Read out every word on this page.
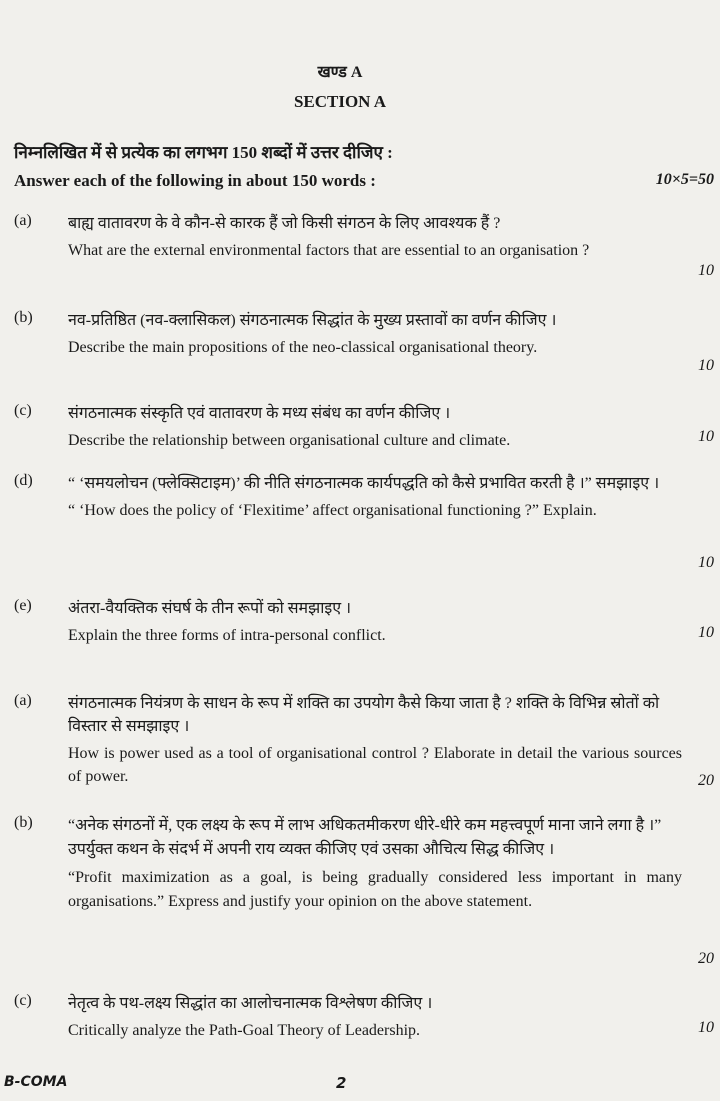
खण्ड A
SECTION A
निम्नलिखित में से प्रत्येक का लगभग 150 शब्दों में उत्तर दीजिए :
Answer each of the following in about 150 words :	10×5=50
(a) बाह्य वातावरण के वे कौन-से कारक हैं जो किसी संगठन के लिए आवश्यक हैं ?
What are the external environmental factors that are essential to an organisation ?
10
(b) नव-प्रतिष्ठित (नव-क्लासिकल) संगठनात्मक सिद्धांत के मुख्य प्रस्तावों का वर्णन कीजिए ।
Describe the main propositions of the neo-classical organisational theory.
10
(c) संगठनात्मक संस्कृति एवं वातावरण के मध्य संबंध का वर्णन कीजिए ।
Describe the relationship between organisational culture and climate.	10
(d) “ ‘समयलोचन (फ्लेक्सिटाइम)’ की नीति संगठनात्मक कार्यपद्धति को कैसे प्रभावित करती है ।” समझाइए ।
“ ‘How does the policy of ‘Flexitime’ affect organisational functioning ?” Explain.
10
(e) अंतरा-वैयक्तिक संघर्ष के तीन रूपों को समझाइए ।
Explain the three forms of intra-personal conflict.	10
(a) संगठनात्मक नियंत्रण के साधन के रूप में शक्ति का उपयोग कैसे किया जाता है ? शक्ति के विभिन्न स्रोतों को विस्तार से समझाइए ।
How is power used as a tool of organisational control ? Elaborate in detail the various sources of power.	20
(b) “अनेक संगठनों में, एक लक्ष्य के रूप में लाभ अधिकतमीकरण धीरे-धीरे कम महत्त्वपूर्ण माना जाने लगा है ।” उपर्युक्त कथन के संदर्भ में अपनी राय व्यक्त कीजिए एवं उसका औचित्य सिद्ध कीजिए ।
“Profit maximization as a goal, is being gradually considered less important in many organisations.” Express and justify your opinion on the above statement.
20
(c) नेतृत्व के पथ-लक्ष्य सिद्धांत का आलोचनात्मक विश्लेषण कीजिए ।
Critically analyze the Path-Goal Theory of Leadership.	10
B-COMA	2
